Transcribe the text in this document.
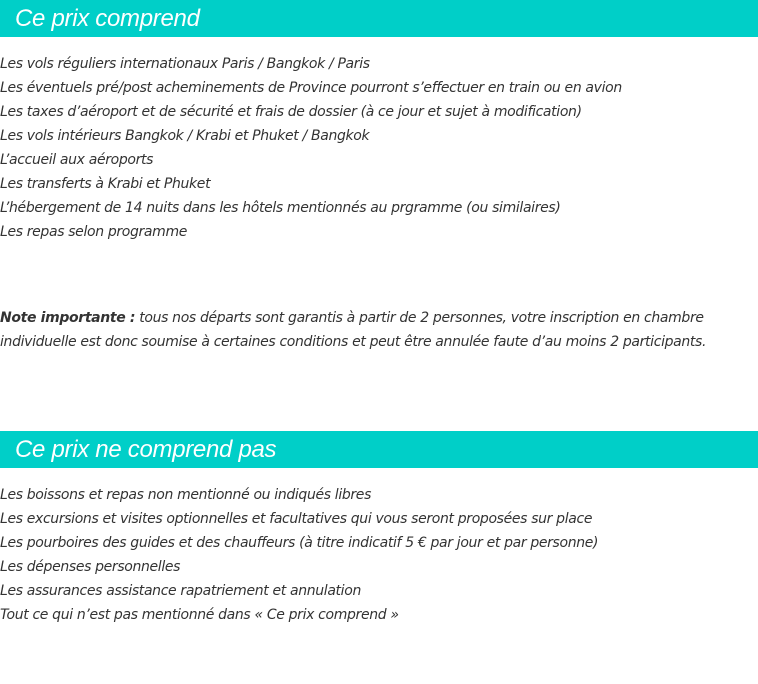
Ce prix comprend
Les vols réguliers internationaux Paris / Bangkok / Paris
Les éventuels pré/post acheminements de Province pourront s’effectuer en train ou en avion
Les taxes d’aéroport et de sécurité et frais de dossier (à ce jour et sujet à modification)
Les vols intérieurs Bangkok / Krabi et Phuket / Bangkok
L’accueil aux aéroports
Les transferts à Krabi et Phuket
L’hébergement de 14 nuits dans les hôtels mentionnés au prgramme (ou similaires)
Les repas selon programme

Note importante : tous nos départs sont garantis à partir de 2 personnes, votre inscription en chambre individuelle est donc soumise à certaines conditions et peut être annulée faute d’au moins 2 participants.

Ce prix ne comprend pas
Les boissons et repas non mentionné ou indiqués libres
Les excursions et visites optionnelles et facultatives qui vous seront proposées sur place
Les pourboires des guides et des chauffeurs (à titre indicatif 5 € par jour et par personne)
Les dépenses personnelles
Les assurances assistance rapatriement et annulation
Tout ce qui n’est pas mentionné dans « Ce prix comprend »
